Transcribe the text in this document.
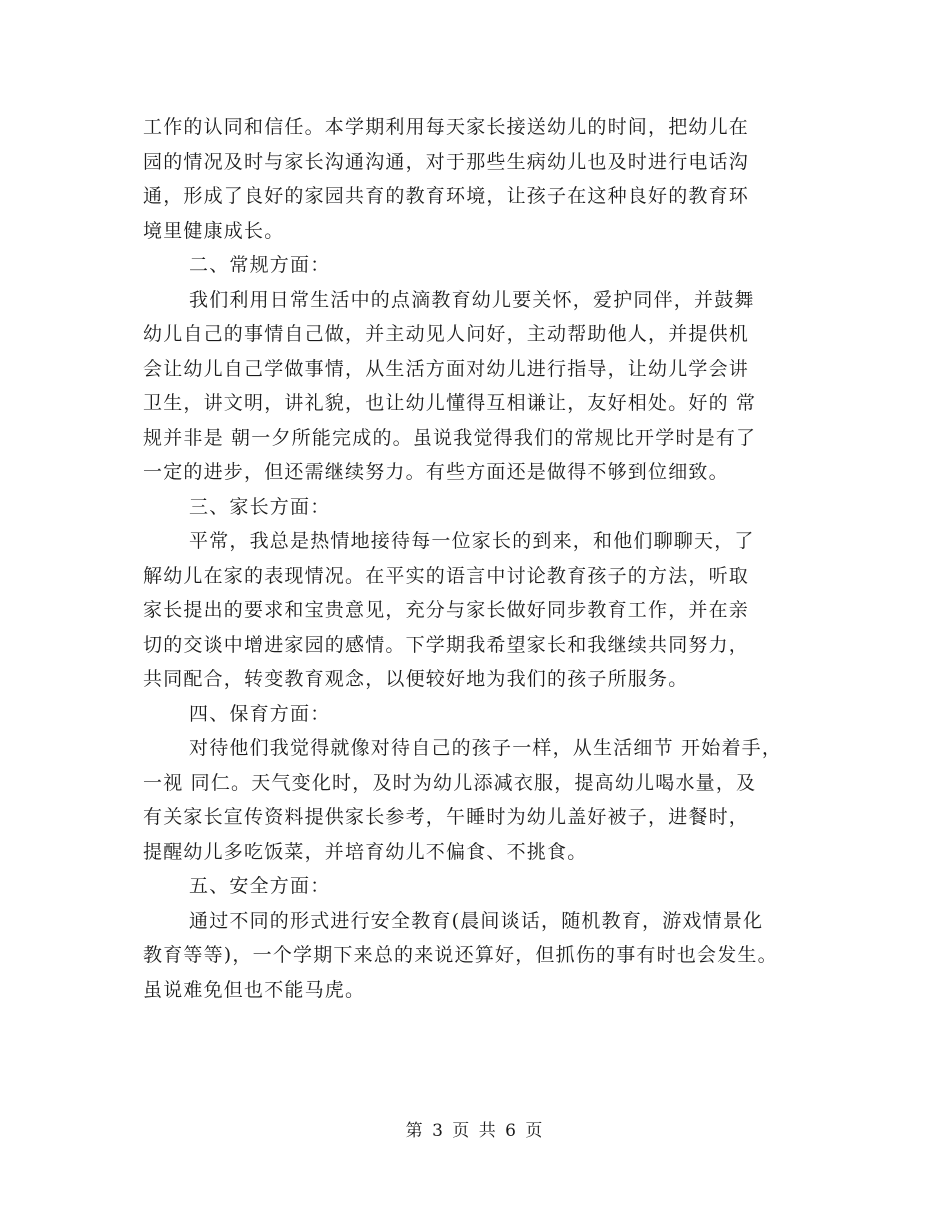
工作的认同和信任。本学期利用每天家长接送幼儿的时间，把幼儿在
园的情况及时与家长沟通沟通，对于那些生病幼儿也及时进行电话沟
通，形成了良好的家园共育的教育环境，让孩子在这种良好的教育环
境里健康成长。
二、常规方面：
我们利用日常生活中的点滴教育幼儿要关怀，爱护同伴，并鼓舞
幼儿自己的事情自己做，并主动见人问好，主动帮助他人，并提供机
会让幼儿自己学做事情，从生活方面对幼儿进行指导，让幼儿学会讲
卫生，讲文明，讲礼貌，也让幼儿懂得互相谦让，友好相处。好的 常
规并非是 朝一夕所能完成的。虽说我觉得我们的常规比开学时是有了
一定的进步，但还需继续努力。有些方面还是做得不够到位细致。
三、家长方面：
平常，我总是热情地接待每一位家长的到来，和他们聊聊天，了
解幼儿在家的表现情况。在平实的语言中讨论教育孩子的方法，听取
家长提出的要求和宝贵意见，充分与家长做好同步教育工作，并在亲
切的交谈中增进家园的感情。下学期我希望家长和我继续共同努力，
共同配合，转变教育观念，以便较好地为我们的孩子所服务。
四、保育方面：
对待他们我觉得就像对待自己的孩子一样，从生活细节 开始着手，
一视 同仁。天气变化时，及时为幼儿添减衣服，提高幼儿喝水量，及
有关家长宣传资料提供家长参考，午睡时为幼儿盖好被子，进餐时，
提醒幼儿多吃饭菜，并培育幼儿不偏食、不挑食。
五、安全方面：
通过不同的形式进行安全教育(晨间谈话，随机教育，游戏情景化
教育等等)，一个学期下来总的来说还算好，但抓伤的事有时也会发生。
虽说难免但也不能马虎。
第 3 页 共 6 页
